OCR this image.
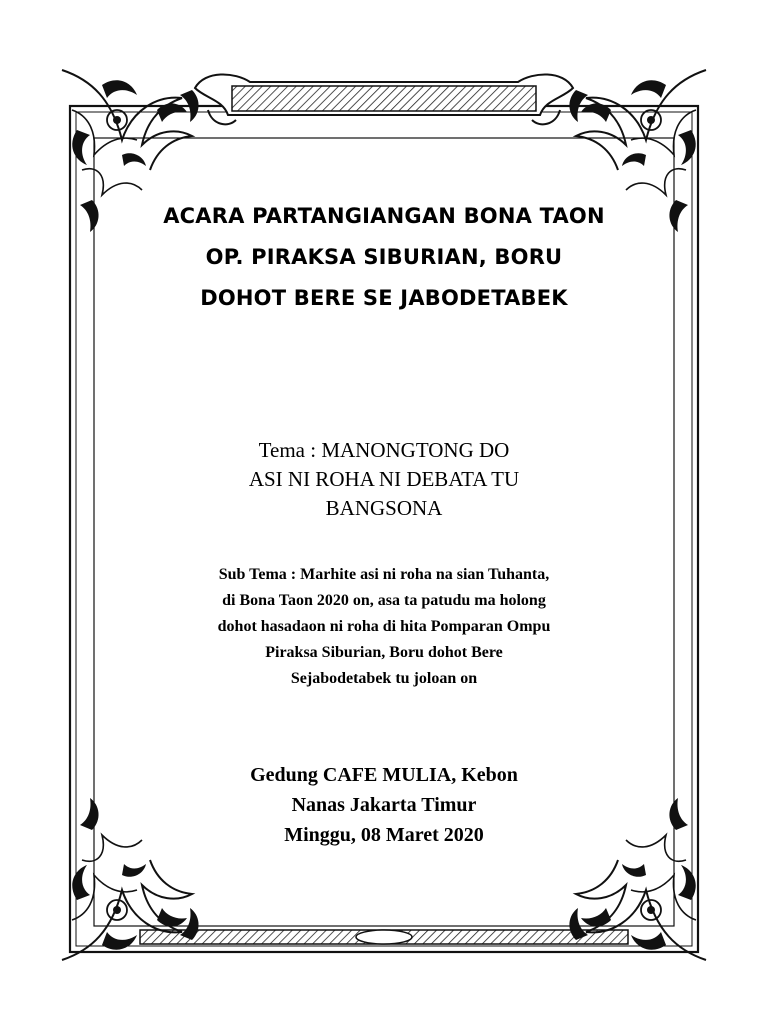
ACARA PARTANGIANGAN BONA TAON

OP. PIRAKSA SIBURIAN, BORU

DOHOT BERE SE JABODETABEK

Tema : MANONGTONG DO

ASI NI ROHA NI DEBATA TU

BANGSONA

Sub Tema : Marhite asi ni roha na sian Tuhanta,

di Bona Taon 2020 on, asa ta patudu ma holong

dohot hasadaon ni roha di hita Pomparan Ompu

Piraksa Siburian, Boru dohot Bere

Sejabodetabek tu joloan on

Gedung CAFE MULIA, Kebon

Nanas Jakarta Timur

Minggu, 08 Maret 2020
